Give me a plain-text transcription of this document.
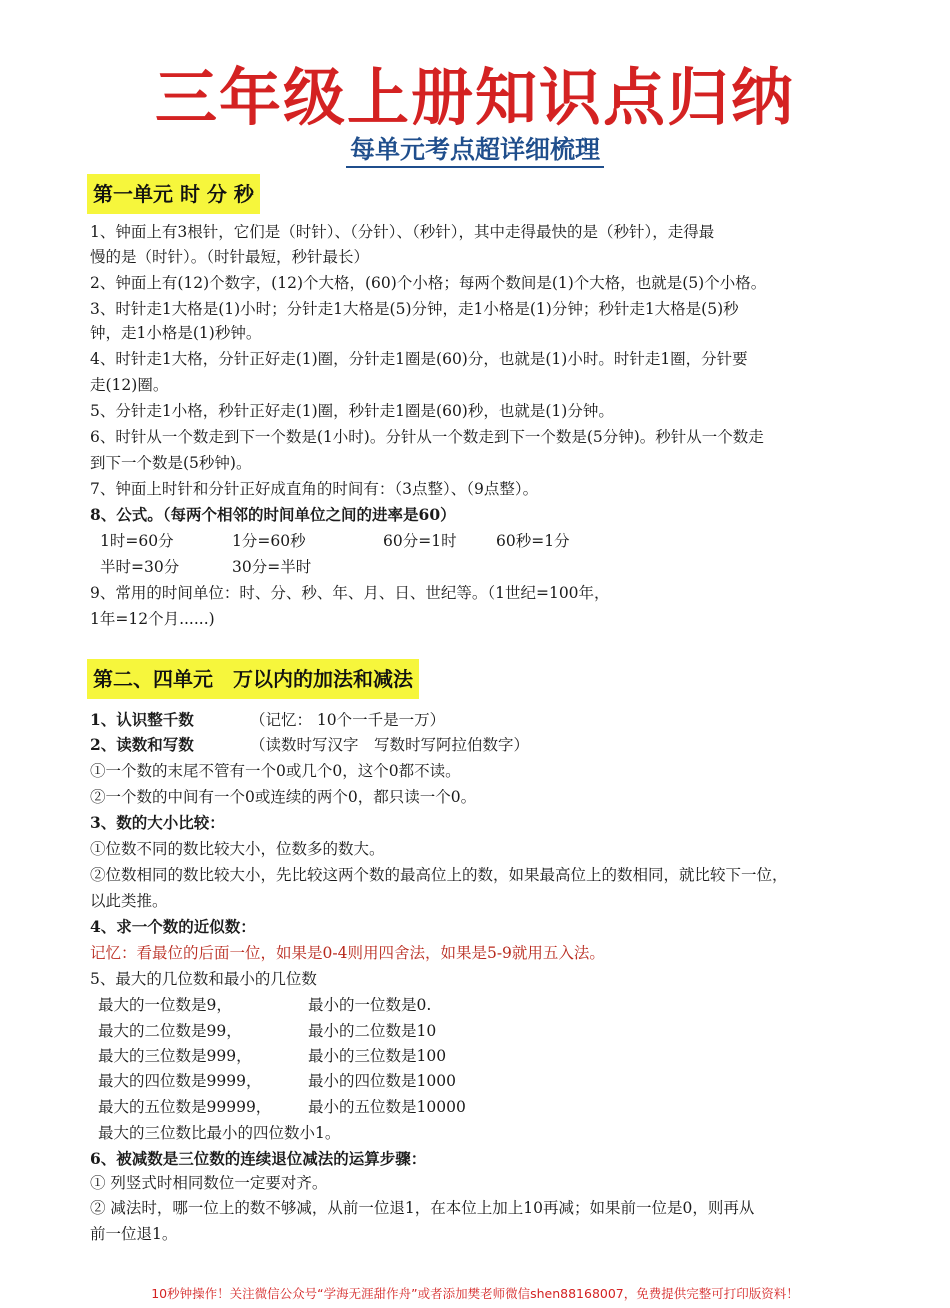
三年级上册知识点归纳
每单元考点超详细梳理
第一单元 时 分 秒
1、钟面上有3根针，它们是（时针）、（分针）、（秒针），其中走得最快的是（秒针），走得最
慢的是（时针）。（时针最短，秒针最长）
2、钟面上有(12)个数字，(12)个大格，(60)个小格；每两个数间是(1)个大格，也就是(5)个小格。
3、时针走1大格是(1)小时；分针走1大格是(5)分钟，走1小格是(1)分钟；秒针走1大格是(5)秒
钟，走1小格是(1)秒钟。
4、时针走1大格，分针正好走(1)圈，分针走1圈是(60)分，也就是(1)小时。时针走1圈，分针要
走(12)圈。
5、分针走1小格，秒针正好走(1)圈，秒针走1圈是(60)秒，也就是(1)分钟。
6、时针从一个数走到下一个数是(1小时)。分针从一个数走到下一个数是(5分钟)。秒针从一个数走
到下一个数是(5秒钟)。
7、钟面上时针和分针正好成直角的时间有：（3点整）、（9点整）。
8、公式。（每两个相邻的时间单位之间的进率是60）
1时=60分	1分=60秒	60分=1时	60秒=1分
半时=30分	30分=半时
9、常用的时间单位：时、分、秒、年、月、日、世纪等。（1世纪=100年，
1年=12个月......)
第二、四单元　万以内的加法和减法
1、认识整千数	（记忆： 10个一千是一万）
2、读数和写数	（读数时写汉字　写数时写阿拉伯数字）
①一个数的末尾不管有一个0或几个0，这个0都不读。
②一个数的中间有一个0或连续的两个0，都只读一个0。
3、数的大小比较：
①位数不同的数比较大小，位数多的数大。
②位数相同的数比较大小，先比较这两个数的最高位上的数，如果最高位上的数相同，就比较下一位，
以此类推。
4、求一个数的近似数：
记忆：看最位的后面一位，如果是0-4则用四舍法，如果是5-9就用五入法。
5、最大的几位数和最小的几位数
最大的一位数是9，	最小的一位数是0.
最大的二位数是99，	最小的二位数是10
最大的三位数是999，	最小的三位数是100
最大的四位数是9999，	最小的四位数是1000
最大的五位数是99999，	最小的五位数是10000
最大的三位数比最小的四位数小1。
6、被减数是三位数的连续退位减法的运算步骤：
① 列竖式时相同数位一定要对齐。
② 减法时，哪一位上的数不够减，从前一位退1，在本位上加上10再减；如果前一位是0，则再从
前一位退1。
10秒钟操作！关注微信公众号“学海无涯甜作舟”或者添加樊老师微信shen88168007，免费提供完整可打印版资料！
